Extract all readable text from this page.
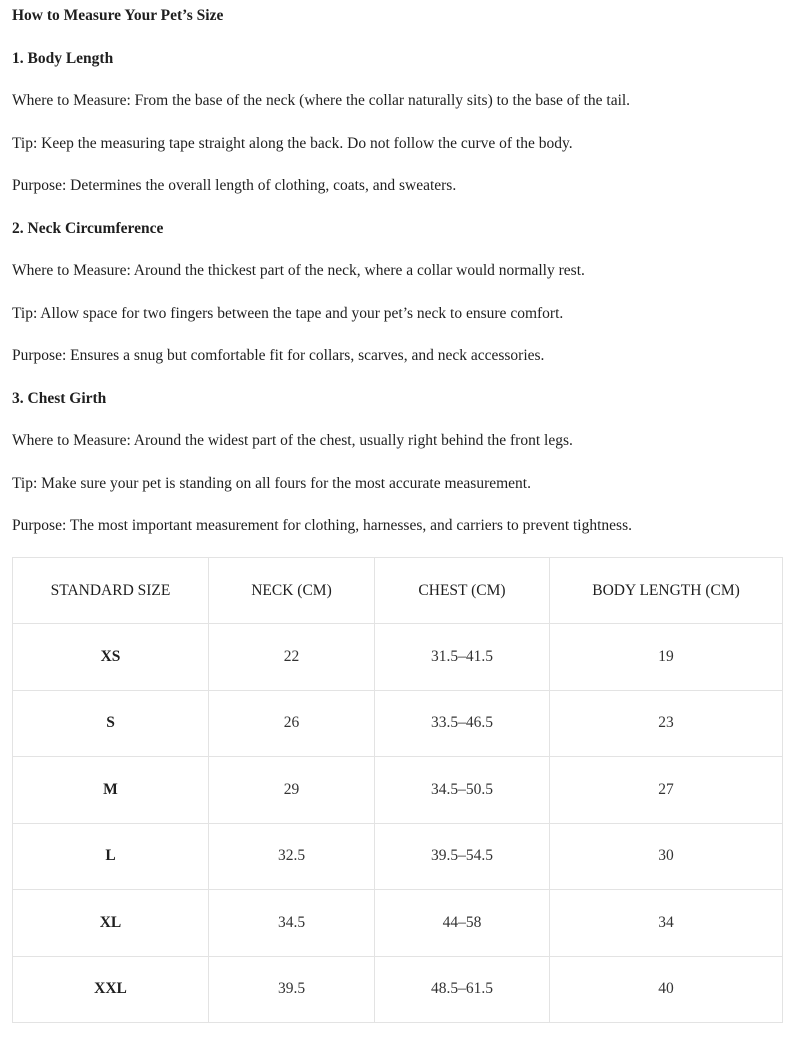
How to Measure Your Pet’s Size
1. Body Length
Where to Measure: From the base of the neck (where the collar naturally sits) to the base of the tail.
Tip: Keep the measuring tape straight along the back. Do not follow the curve of the body.
Purpose: Determines the overall length of clothing, coats, and sweaters.
2. Neck Circumference
Where to Measure: Around the thickest part of the neck, where a collar would normally rest.
Tip: Allow space for two fingers between the tape and your pet’s neck to ensure comfort.
Purpose: Ensures a snug but comfortable fit for collars, scarves, and neck accessories.
3. Chest Girth
Where to Measure: Around the widest part of the chest, usually right behind the front legs.
Tip: Make sure your pet is standing on all fours for the most accurate measurement.
Purpose: The most important measurement for clothing, harnesses, and carriers to prevent tightness.
STANDARD SIZE	NECK (CM)	CHEST (CM)	BODY LENGTH (CM)
XS	22	31.5–41.5	19
S	26	33.5–46.5	23
M	29	34.5–50.5	27
L	32.5	39.5–54.5	30
XL	34.5	44–58	34
XXL	39.5	48.5–61.5	40
